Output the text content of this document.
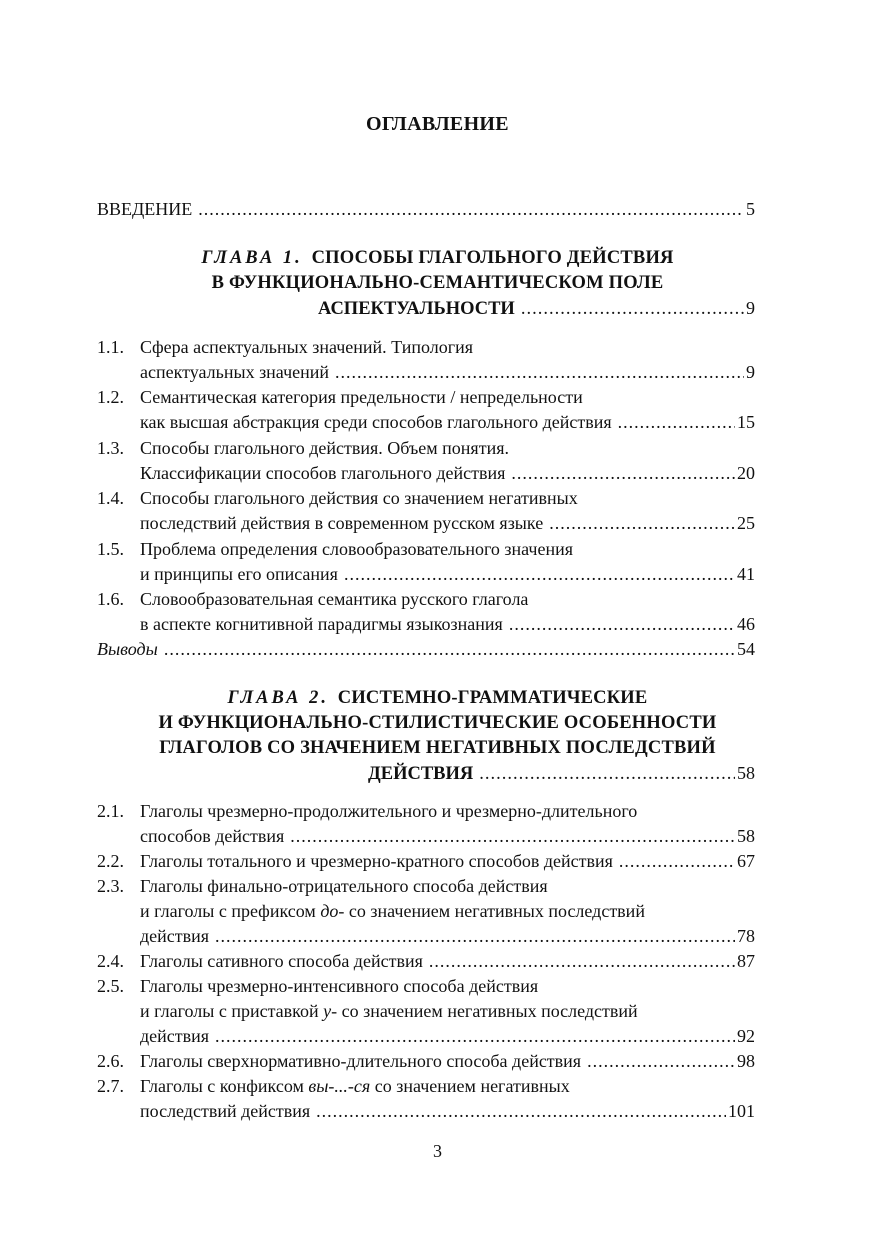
ОГЛАВЛЕНИЕ
ВВЕДЕНИЕ .....	5
ГЛАВА 1. СПОСОБЫ ГЛАГОЛЬНОГО ДЕЙСТВИЯ
В ФУНКЦИОНАЛЬНО-СЕМАНТИЧЕСКОМ ПОЛЕ
АСПЕКТУАЛЬНОСТИ .....	9
1.1. Сфера аспектуальных значений. Типология
аспектуальных значений .....	9
1.2. Семантическая категория предельности / непредельности
как высшая абстракция среди способов глагольного действия .....	15
1.3. Способы глагольного действия. Объем понятия.
Классификации способов глагольного действия .....	20
1.4. Способы глагольного действия со значением негативных
последствий действия в современном русском языке .....	25
1.5. Проблема определения словообразовательного значения
и принципы его описания .....	41
1.6. Словообразовательная семантика русского глагола
в аспекте когнитивной парадигмы языкознания .....	46
Выводы .....	54
ГЛАВА 2. СИСТЕМНО-ГРАММАТИЧЕСКИЕ
И ФУНКЦИОНАЛЬНО-СТИЛИСТИЧЕСКИЕ ОСОБЕННОСТИ
ГЛАГОЛОВ СО ЗНАЧЕНИЕМ НЕГАТИВНЫХ ПОСЛЕДСТВИЙ
ДЕЙСТВИЯ .....	58
2.1. Глаголы чрезмерно-продолжительного и чрезмерно-длительного
способов действия .....	58
2.2. Глаголы тотального и чрезмерно-кратного способов действия .....	67
2.3. Глаголы финально-отрицательного способа действия
и глаголы с префиксом до- со значением негативных последствий
действия .....	78
2.4. Глаголы сативного способа действия .....	87
2.5. Глаголы чрезмерно-интенсивного способа действия
и глаголы с приставкой у- со значением негативных последствий
действия .....	92
2.6. Глаголы сверхнормативно-длительного способа действия .....	98
2.7. Глаголы с конфиксом вы-...-ся со значением негативных
последствий действия .....	101
3
